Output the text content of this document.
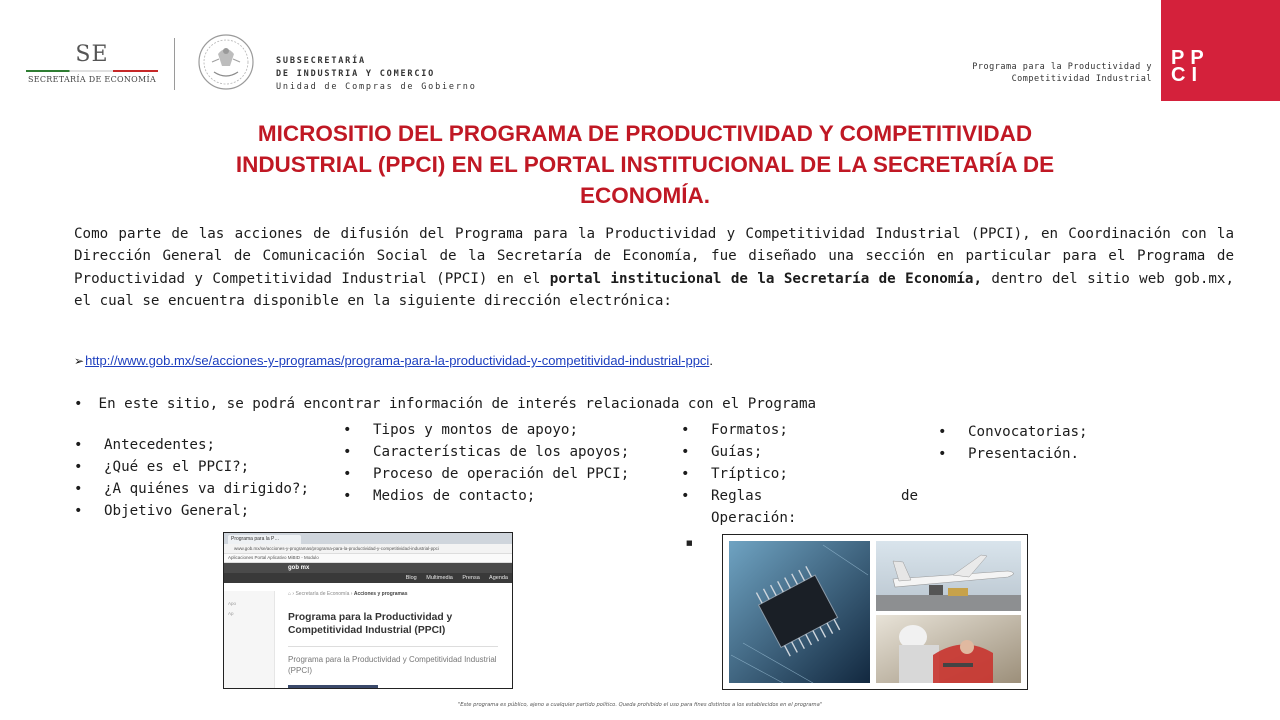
SE
SECRETARÍA DE ECONOMÍA
SUBSECRETARÍA
DE INDUSTRIA Y COMERCIO
Unidad de Compras de Gobierno
Programa para la Productividad y
Competitividad Industrial
PP
CI
MICROSITIO DEL PROGRAMA DE PRODUCTIVIDAD Y COMPETITIVIDAD INDUSTRIAL (PPCI) EN EL PORTAL INSTITUCIONAL DE LA SECRETARÍA DE ECONOMÍA.
Como parte de las acciones de difusión del Programa para la Productividad y Competitividad Industrial (PPCI), en Coordinación con la Dirección General de Comunicación Social de la Secretaría de Economía, fue diseñado una sección en particular para el Programa de Productividad y Competitividad Industrial (PPCI) en el portal institucional de la Secretaría de Economía, dentro del sitio web gob.mx, el cual se encuentra disponible en la siguiente dirección electrónica:
➢http://www.gob.mx/se/acciones-y-programas/programa-para-la-productividad-y-competitividad-industrial-ppci.
• En este sitio, se podrá encontrar información de interés relacionada con el Programa
• Antecedentes;
• ¿Qué es el PPCI?;
• ¿A quiénes va dirigido?;
• Objetivo General;
• Tipos y montos de apoyo;
• Características de los apoyos;
• Proceso de operación del PPCI;
• Medios de contacto;
• Formatos;
• Guías;
• Tríptico;
• Reglas	de
Operación:
■
• Convocatorias;
• Presentación.
Programa para la P…
www.gob.mx/se/acciones-y-programas/programa-para-la-productividad-y-competitividad-industrial-ppci
Aplicaciones Portal Aplicativo MiBID - Modulo
gob mx
Blog Multimedia Prensa Agenda
Apo
Ap
⌂ › Secretaría de Economía › Acciones y programas
Programa para la Productividad y Competitividad Industrial (PPCI)
Programa para la Productividad y Competitividad Industrial (PPCI)
"Este programa es público, ajeno a cualquier partido político. Queda prohibido el uso para fines distintos a los establecidos en el programa"
